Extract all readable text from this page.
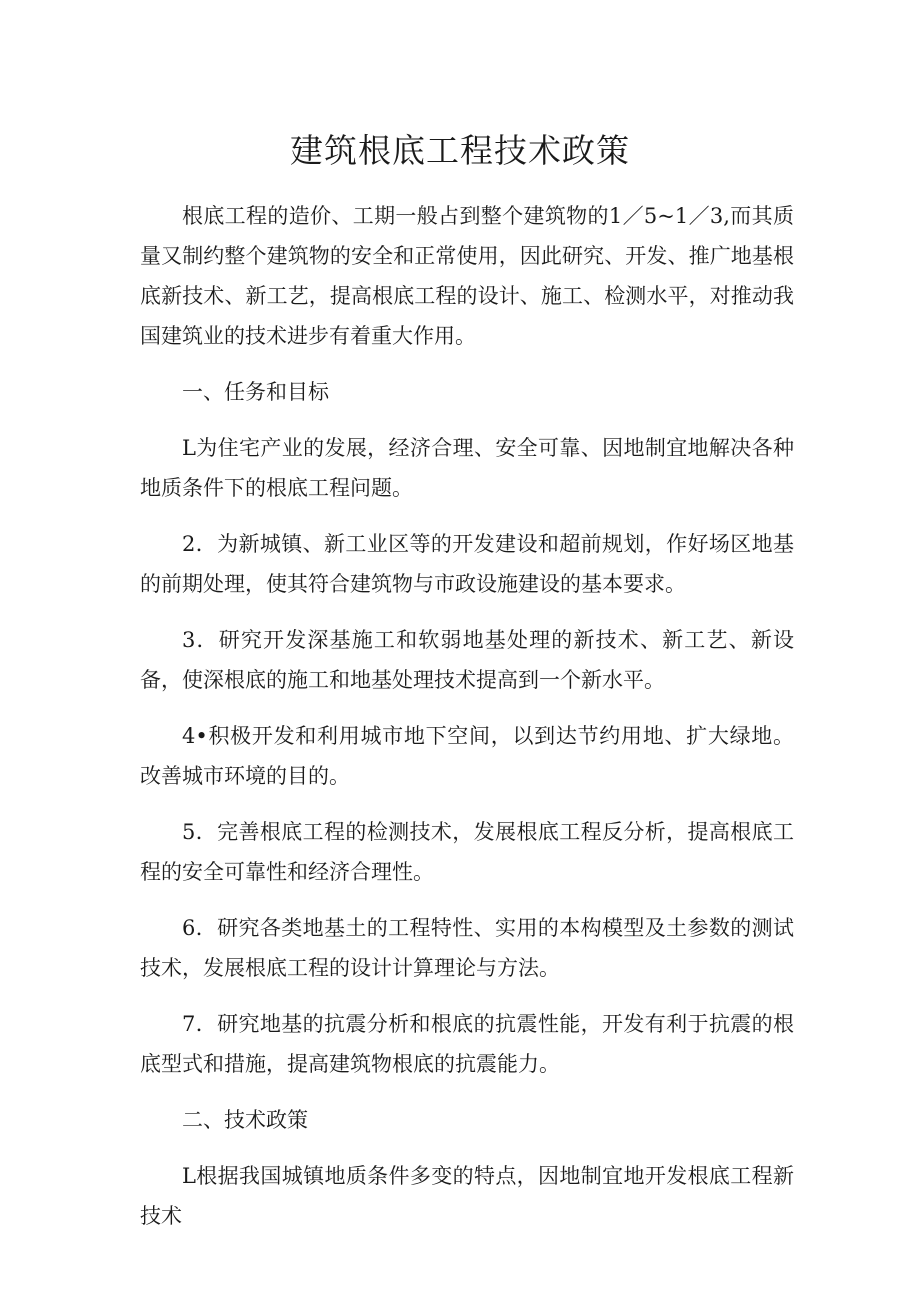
建筑根底工程技术政策

根底工程的造价、工期一般占到整个建筑物的1／5~1／3,而其质量又制约整个建筑物的安全和正常使用，因此研究、开发、推广地基根底新技术、新工艺，提高根底工程的设计、施工、检测水平，对推动我国建筑业的技术进步有着重大作用。

一、任务和目标

L为住宅产业的发展，经济合理、安全可靠、因地制宜地解决各种地质条件下的根底工程问题。

2．为新城镇、新工业区等的开发建设和超前规划，作好场区地基的前期处理，使其符合建筑物与市政设施建设的基本要求。

3．研究开发深基施工和软弱地基处理的新技术、新工艺、新设备，使深根底的施工和地基处理技术提高到一个新水平。

4•积极开发和利用城市地下空间，以到达节约用地、扩大绿地。改善城市环境的目的。

5．完善根底工程的检测技术，发展根底工程反分析，提高根底工程的安全可靠性和经济合理性。

6．研究各类地基土的工程特性、实用的本构模型及土参数的测试技术，发展根底工程的设计计算理论与方法。

7．研究地基的抗震分析和根底的抗震性能，开发有利于抗震的根底型式和措施，提高建筑物根底的抗震能力。

二、技术政策

L根据我国城镇地质条件多变的特点，因地制宜地开发根底工程新技术
